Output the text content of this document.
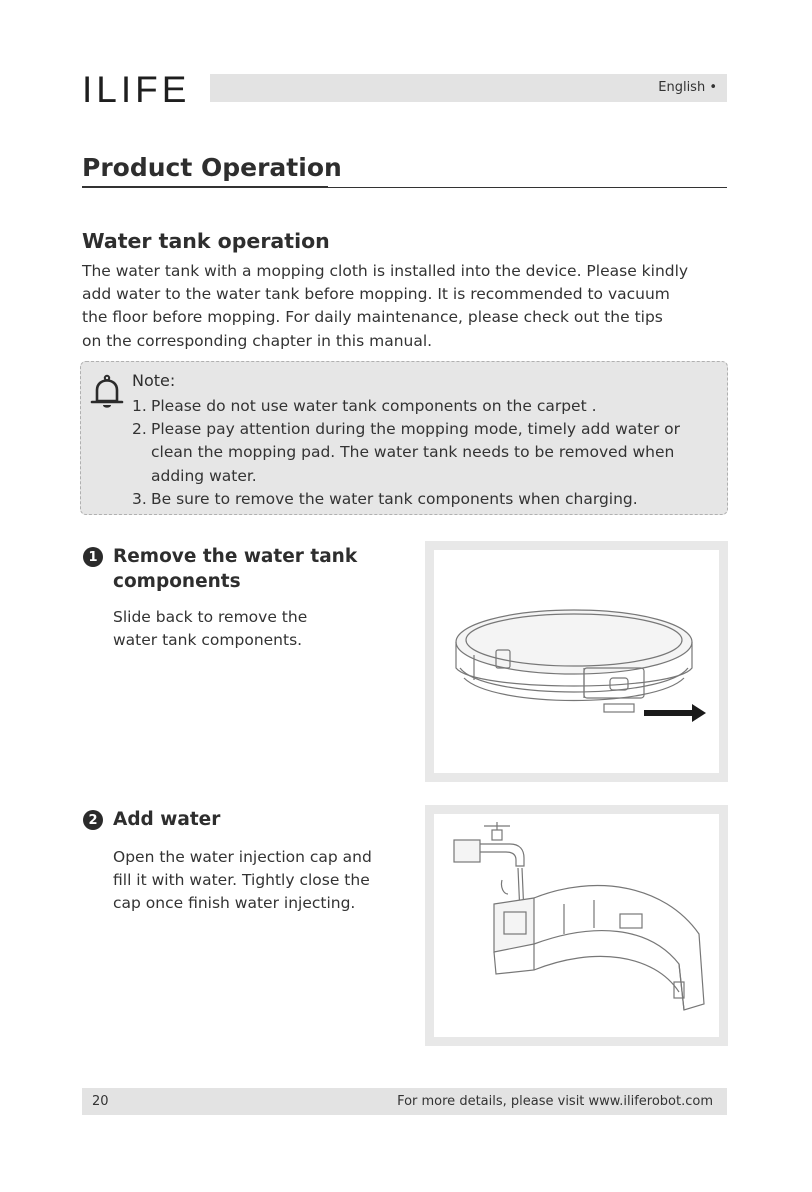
ILIFE	English •
Product Operation
Water tank operation
The water tank with a mopping cloth is installed into the device. Please kindly
add water to the water tank before mopping. It is recommended to vacuum
the floor before mopping. For daily maintenance, please check out the tips
on the corresponding chapter in this manual.
Note:
1. Please do not use water tank components on the carpet .
2. Please pay attention during the mopping mode, timely add water or clean the mopping pad. The water tank needs to be removed when adding water.
3. Be sure to remove the water tank components when charging.
1 Remove the water tank
components
Slide back to remove the
water tank components.
2 Add water
Open the water injection cap and
fill it with water. Tightly close the
cap once finish water injecting.
20	For more details, please visit www.iliferobot.com
